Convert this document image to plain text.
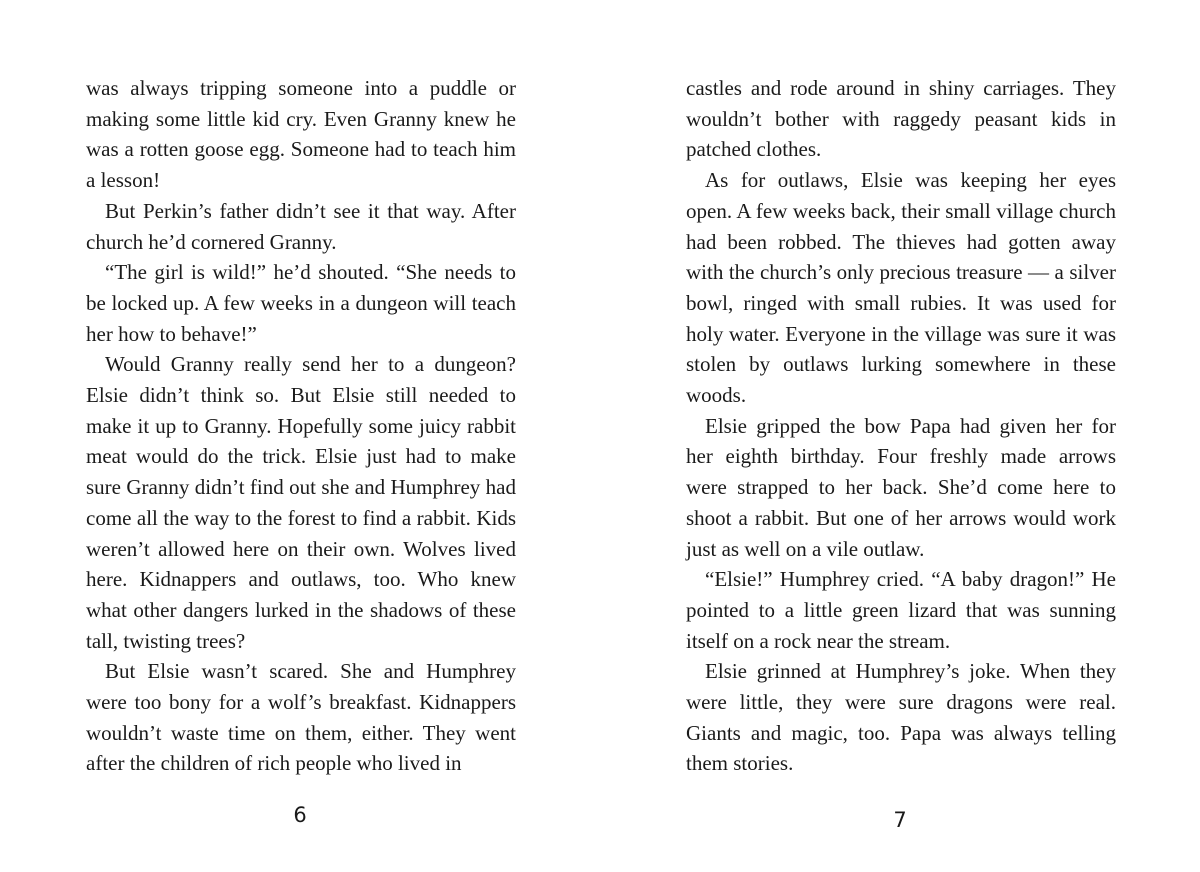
was always tripping someone into a puddle or making some little kid cry. Even Granny knew he was a rotten goose egg. Someone had to teach him a lesson!

But Perkin’s father didn’t see it that way. After church he’d cornered Granny.

“The girl is wild!” he’d shouted. “She needs to be locked up. A few weeks in a dungeon will teach her how to behave!”

Would Granny really send her to a dungeon? Elsie didn’t think so. But Elsie still needed to make it up to Granny. Hopefully some juicy rabbit meat would do the trick. Elsie just had to make sure Granny didn’t find out she and Humphrey had come all the way to the forest to find a rabbit. Kids weren’t allowed here on their own. Wolves lived here. Kidnappers and outlaws, too. Who knew what other dangers lurked in the shadows of these tall, twisting trees?

But Elsie wasn’t scared. She and Humphrey were too bony for a wolf’s breakfast. Kidnappers wouldn’t waste time on them, either. They went after the children of rich people who lived in

castles and rode around in shiny carriages. They wouldn’t bother with raggedy peasant kids in patched clothes.

As for outlaws, Elsie was keeping her eyes open. A few weeks back, their small village church had been robbed. The thieves had gotten away with the church’s only precious treasure — a silver bowl, ringed with small rubies. It was used for holy water. Everyone in the village was sure it was stolen by outlaws lurking somewhere in these woods.

Elsie gripped the bow Papa had given her for her eighth birthday. Four freshly made arrows were strapped to her back. She’d come here to shoot a rabbit. But one of her arrows would work just as well on a vile outlaw.

“Elsie!” Humphrey cried. “A baby dragon!” He pointed to a little green lizard that was sunning itself on a rock near the stream.

Elsie grinned at Humphrey’s joke. When they were little, they were sure dragons were real. Giants and magic, too. Papa was always telling them stories.

6	7
